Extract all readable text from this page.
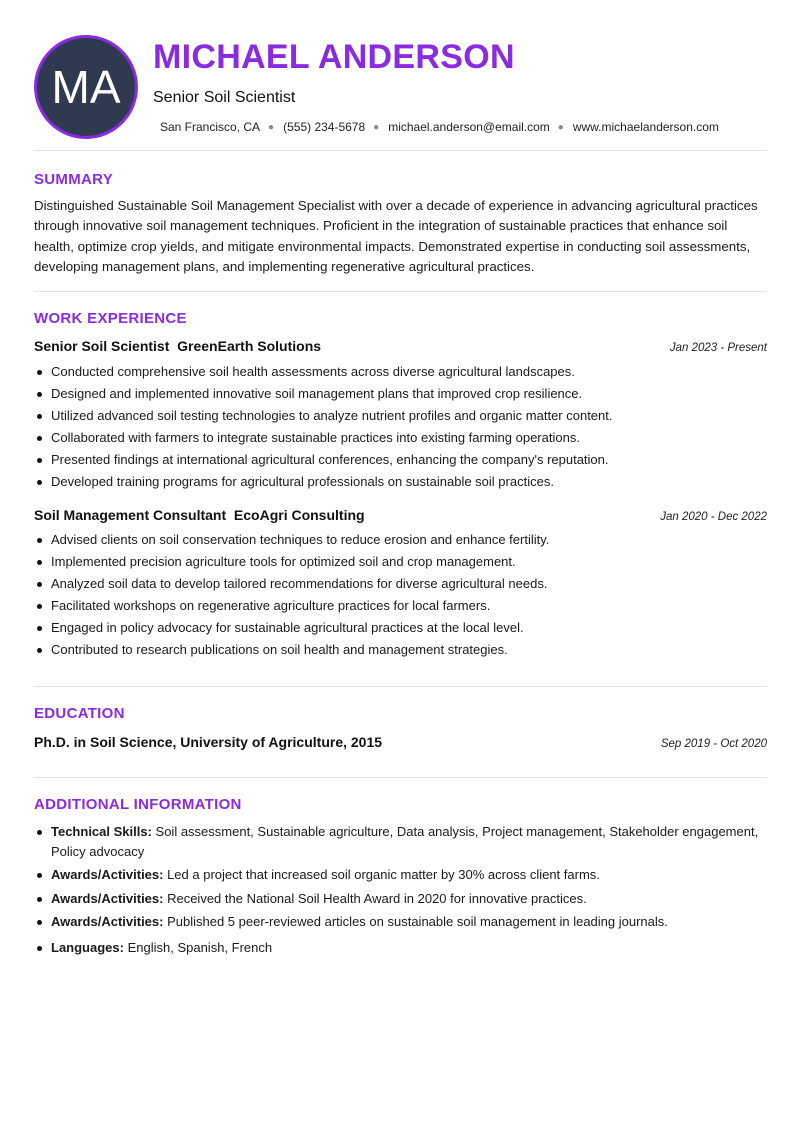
MA
MICHAEL ANDERSON
Senior Soil Scientist
San Francisco, CA ● (555) 234-5678 ● michael.anderson@email.com ● www.michaelanderson.com
SUMMARY

Distinguished Sustainable Soil Management Specialist with over a decade of experience in advancing agricultural practices through innovative soil management techniques. Proficient in the integration of sustainable practices that enhance soil health, optimize crop yields, and mitigate environmental impacts. Demonstrated expertise in conducting soil assessments, developing management plans, and implementing regenerative agricultural practices.

WORK EXPERIENCE
Senior Soil Scientist  GreenEarth Solutions	Jan 2023 - Present
Conducted comprehensive soil health assessments across diverse agricultural landscapes.
Designed and implemented innovative soil management plans that improved crop resilience.
Utilized advanced soil testing technologies to analyze nutrient profiles and organic matter content.
Collaborated with farmers to integrate sustainable practices into existing farming operations.
Presented findings at international agricultural conferences, enhancing the company's reputation.
Developed training programs for agricultural professionals on sustainable soil practices.
Soil Management Consultant  EcoAgri Consulting	Jan 2020 - Dec 2022
Advised clients on soil conservation techniques to reduce erosion and enhance fertility.
Implemented precision agriculture tools for optimized soil and crop management.
Analyzed soil data to develop tailored recommendations for diverse agricultural needs.
Facilitated workshops on regenerative agriculture practices for local farmers.
Engaged in policy advocacy for sustainable agricultural practices at the local level.
Contributed to research publications on soil health and management strategies.
EDUCATION
Ph.D. in Soil Science, University of Agriculture, 2015	Sep 2019 - Oct 2020
ADDITIONAL INFORMATION
Technical Skills: Soil assessment, Sustainable agriculture, Data analysis, Project management, Stakeholder engagement, Policy advocacy
Awards/Activities: Led a project that increased soil organic matter by 30% across client farms.
Awards/Activities: Received the National Soil Health Award in 2020 for innovative practices.
Awards/Activities: Published 5 peer-reviewed articles on sustainable soil management in leading journals.
Languages: English, Spanish, French
